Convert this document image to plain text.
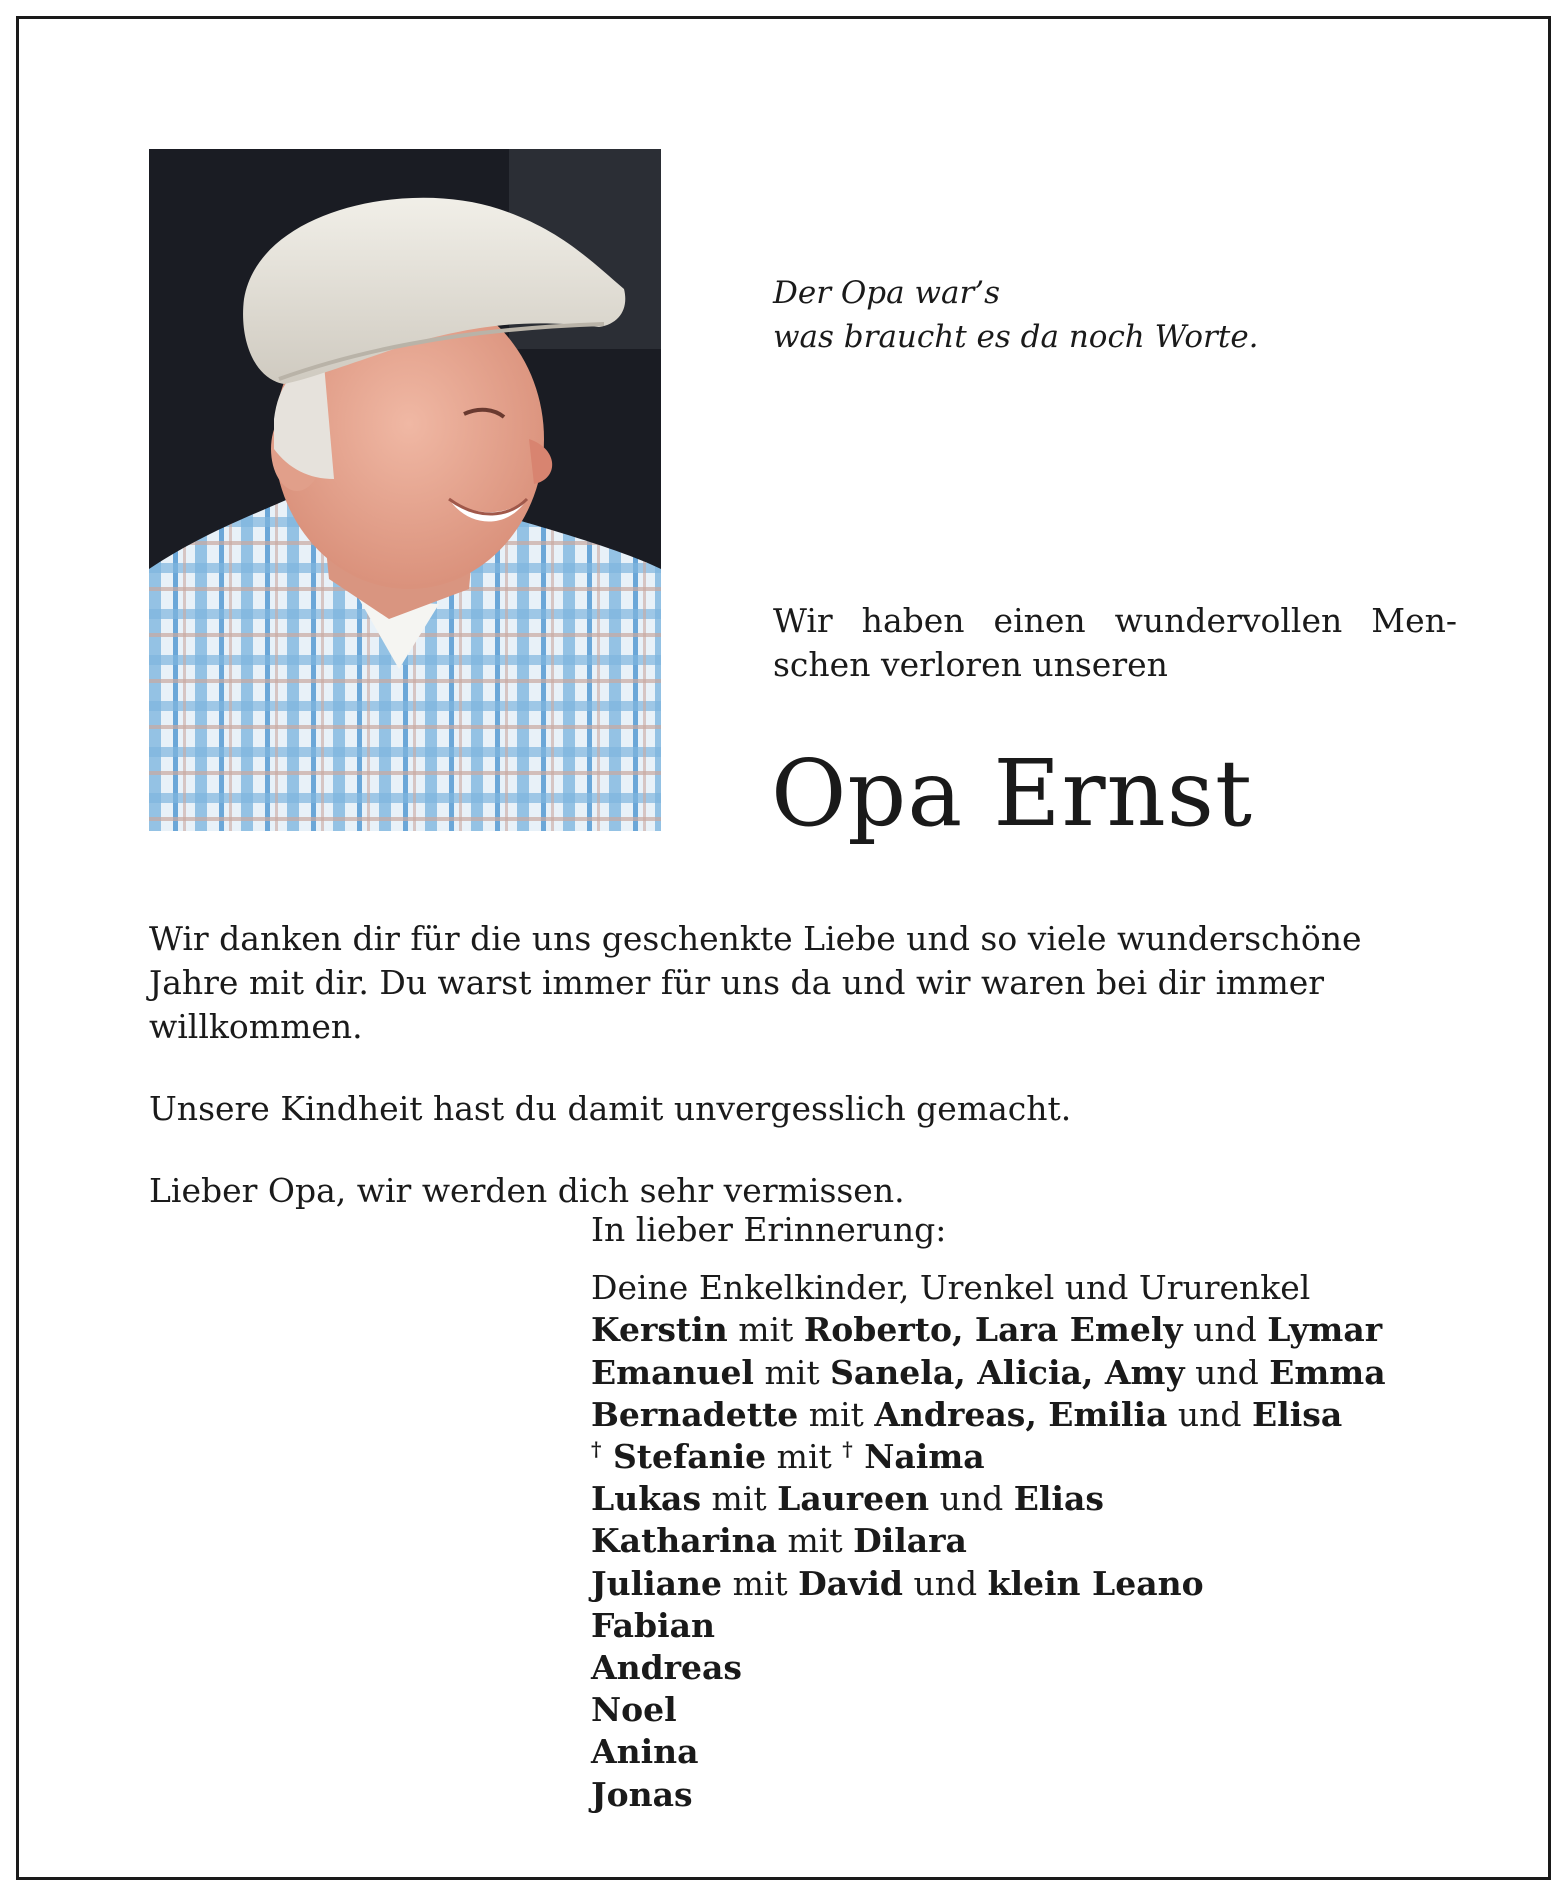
Der Opa war’s
was braucht es da noch Worte.
Wir haben einen wundervollen Men-
schen verloren unseren
Opa Ernst
Wir danken dir für die uns geschenkte Liebe und so viele wunderschöne Jahre mit dir. Du warst immer für uns da und wir waren bei dir immer willkommen.
Unsere Kindheit hast du damit unvergesslich gemacht.
Lieber Opa, wir werden dich sehr vermissen.
In lieber Erinnerung:
Deine Enkelkinder, Urenkel und Ururenkel
Kerstin mit Roberto, Lara Emely und Lymar
Emanuel mit Sanela, Alicia, Amy und Emma
Bernadette mit Andreas, Emilia und Elisa
† Stefanie mit † Naima
Lukas mit Laureen und Elias
Katharina mit Dilara
Juliane mit David und klein Leano
Fabian
Andreas
Noel
Anina
Jonas
